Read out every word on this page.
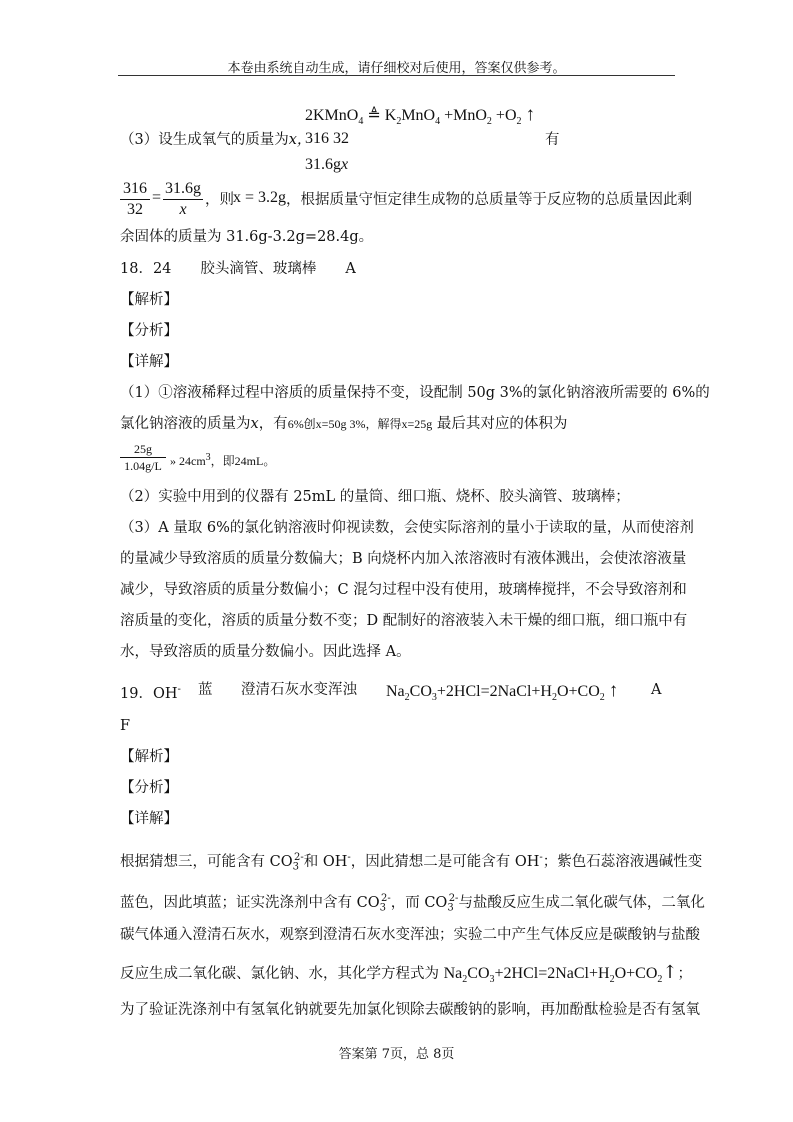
本卷由系统自动生成，请仔细校对后使用，答案仅供参考。
2KMnO$_4$ ≜ $K_2MnO_4 +MnO_2 +O_2$ ↑
（3）设生成氧气的质量为x，
316 32	有
31.6gx
316
32
=
31.6g
x
，则 x = 3.2g ，根据质量守恒定律生成物的总质量等于反应物的总质量因此剩
余固体的质量为 31.6g-3.2g=28.4g。
18．24　　胶头滴管、玻璃棒　　A
【解析】
【分析】
【详解】
（1）①溶液稀释过程中溶质的质量保持不变，设配制 50g 3%的氯化钠溶液所需要的 6%的
氯化钠溶液的质量为x，有6%创x=50g 3%，解得x=25g 最后其对应的体积为
25g
1.04g/L » $24cm^3$，即24mL。
（2）实验中用到的仪器有 25mL 的量筒、细口瓶、烧杯、胶头滴管、玻璃棒；
（3）A 量取 6%的氯化钠溶液时仰视读数，会使实际溶剂的量小于读取的量，从而使溶剂
的量减少导致溶质的质量分数偏大；B 向烧杯内加入浓溶液时有液体溅出，会使浓溶液量
减少，导致溶质的质量分数偏小；C 混匀过程中没有使用，玻璃棒搅拌，不会导致溶剂和
溶质量的变化，溶质的质量分数不变；D 配制好的溶液装入未干燥的细口瓶，细口瓶中有
水，导致溶质的质量分数偏小。因此选择 A。
19．OH- 蓝 澄清石灰水变浑浊 $Na_2CO_3+2HCl=2NaCl+H_2O+CO_2$ ↑ A
F
【解析】
【分析】
【详解】
根据猜想三，可能含有 $CO_3^{2-}$和 OH-，因此猜想二是可能含有 OH-；紫色石蕊溶液遇碱性变
蓝色，因此填蓝；证实洗涤剂中含有 $CO_3^{2-}$，而 $CO_3^{2-}$与盐酸反应生成二氧化碳气体，二氧化
碳气体通入澄清石灰水，观察到澄清石灰水变浑浊；实验二中产生气体反应是碳酸钠与盐酸
反应生成二氧化碳、氯化钠、水，其化学方程式为 $Na_2CO_3+2HCl=2NaCl+H_2O+CO_2↑$；
为了验证洗涤剂中有氢氧化钠就要先加氯化钡除去碳酸钠的影响，再加酚酞检验是否有氢氧
答案第 7页，总 8页
